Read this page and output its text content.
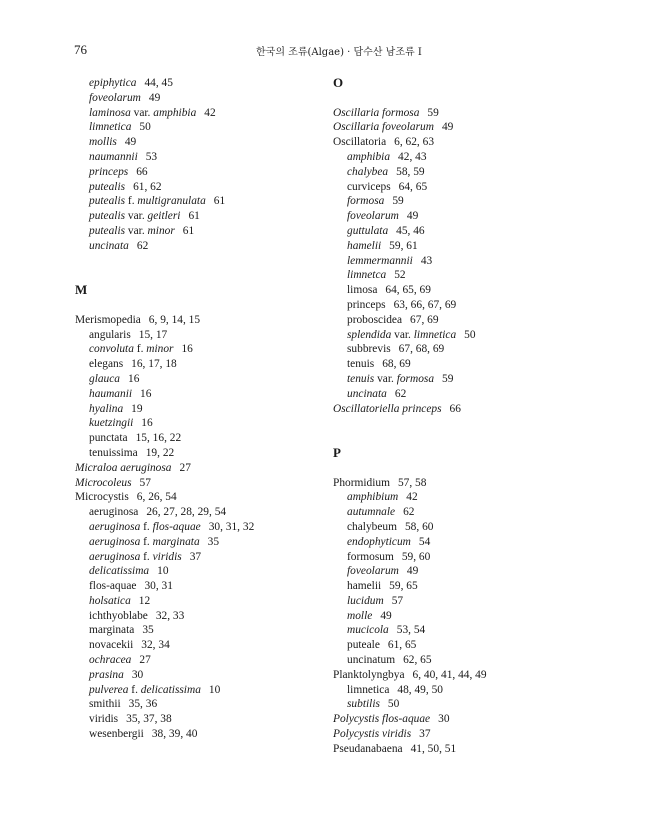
76	한국의 조류(Algae) · 담수산 남조류 I
epiphytica 44, 45
foveolarum 49
laminosa var. amphibia 42
limnetica 50
mollis 49
naumannii 53
princeps 66
putealis 61, 62
putealis f. multigranulata 61
putealis var. geitleri 61
putealis var. minor 61
uncinata 62
M
Merismopedia 6, 9, 14, 15
angularis 15, 17
convoluta f. minor 16
elegans 16, 17, 18
glauca 16
haumanii 16
hyalina 19
kuetzingii 16
punctata 15, 16, 22
tenuissima 19, 22
Micraloa aeruginosa 27
Microcoleus 57
Microcystis 6, 26, 54
aeruginosa 26, 27, 28, 29, 54
aeruginosa f. flos-aquae 30, 31, 32
aeruginosa f. marginata 35
aeruginosa f. viridis 37
delicatissima 10
flos-aquae 30, 31
holsatica 12
ichthyoblabe 32, 33
marginata 35
novacekii 32, 34
ochracea 27
prasina 30
pulverea f. delicatissima 10
smithii 35, 36
viridis 35, 37, 38
wesenbergii 38, 39, 40
O
Oscillaria formosa 59
Oscillaria foveolarum 49
Oscillatoria 6, 62, 63
amphibia 42, 43
chalybea 58, 59
curviceps 64, 65
formosa 59
foveolarum 49
guttulata 45, 46
hamelii 59, 61
lemmermannii 43
limnetca 52
limosa 64, 65, 69
princeps 63, 66, 67, 69
proboscidea 67, 69
splendida var. limnetica 50
subbrevis 67, 68, 69
tenuis 68, 69
tenuis var. formosa 59
uncinata 62
Oscillatoriella princeps 66
P
Phormidium 57, 58
amphibium 42
autumnale 62
chalybeum 58, 60
endophyticum 54
formosum 59, 60
foveolarum 49
hamelii 59, 65
lucidum 57
molle 49
mucicola 53, 54
puteale 61, 65
uncinatum 62, 65
Planktolyngbya 6, 40, 41, 44, 49
limnetica 48, 49, 50
subtilis 50
Polycystis flos-aquae 30
Polycystis viridis 37
Pseudanabaena 41, 50, 51
